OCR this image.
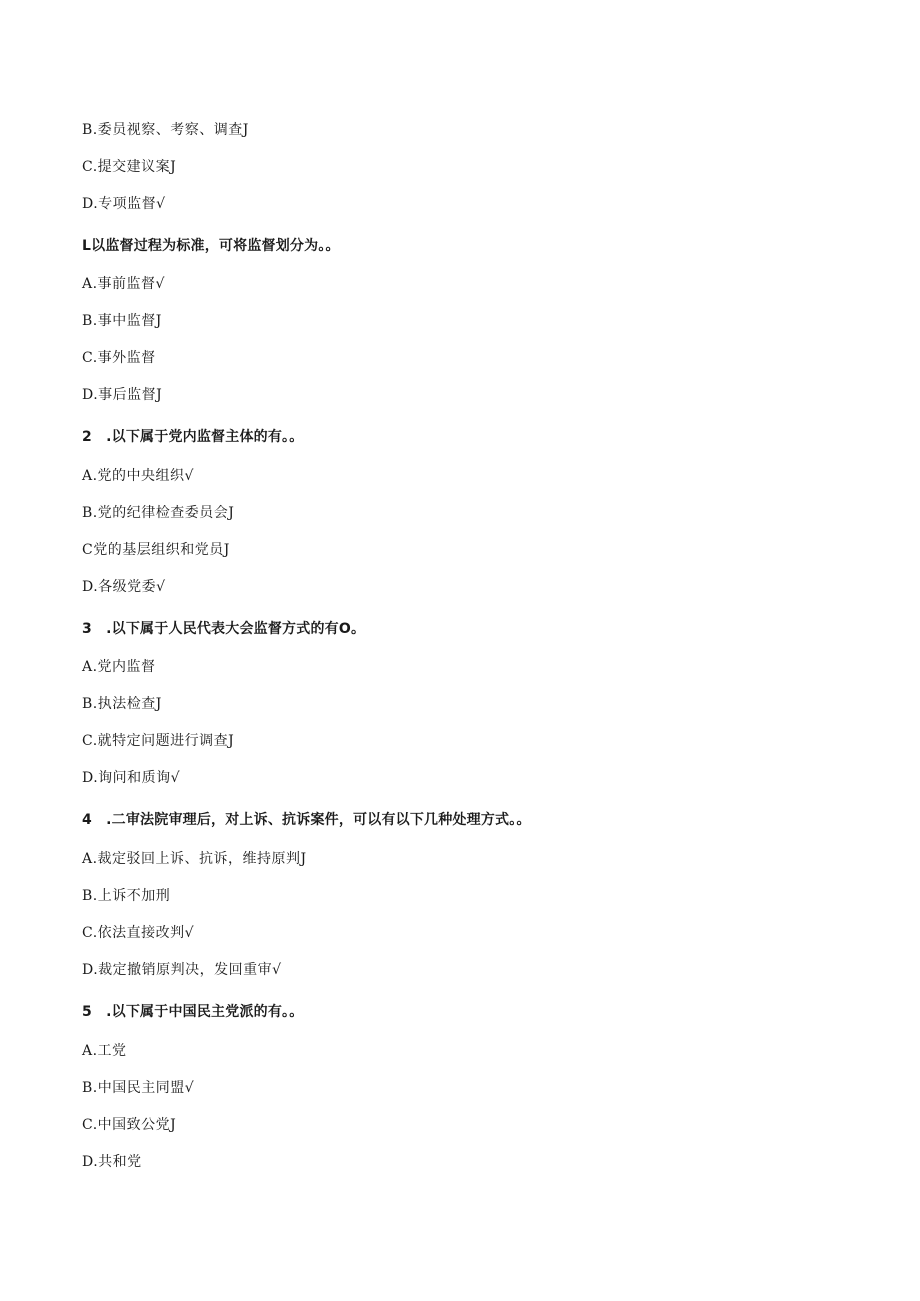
B.委员视察、考察、调查J
C.提交建议案J
D.专项监督√
L以监督过程为标准，可将监督划分为。。
A.事前监督√
B.事中监督J
C.事外监督
D.事后监督J
2　.以下属于党内监督主体的有。。
A.党的中央组织√
B.党的纪律检查委员会J
C党的基层组织和党员J
D.各级党委√
3　.以下属于人民代表大会监督方式的有O。
A.党内监督
B.执法检查J
C.就特定问题进行调查J
D.询问和质询√
4　.二审法院审理后，对上诉、抗诉案件，可以有以下几种处理方式。。
A.裁定驳回上诉、抗诉，维持原判J
B.上诉不加刑
C.依法直接改判√
D.裁定撤销原判决，发回重审√
5　.以下属于中国民主党派的有。。
A.工党
B.中国民主同盟√
C.中国致公党J
D.共和党
